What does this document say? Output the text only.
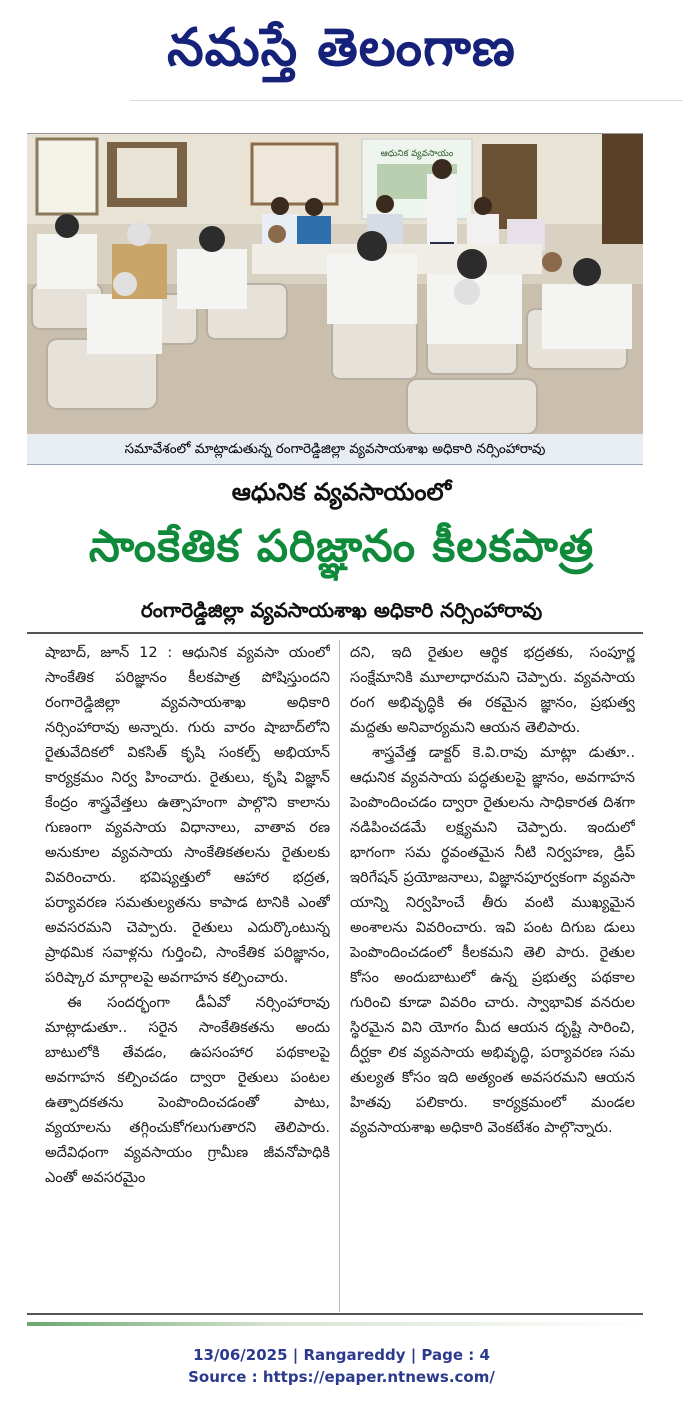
నమస్తే తెలంగాణ
ఆధునిక వ్యవసాయం
సమావేశంలో మాట్లాడుతున్న రంగారెడ్డిజిల్లా వ్యవసాయశాఖ అధికారి నర్సింహారావు
ఆధునిక వ్యవసాయంలో
సాంకేతిక పరిజ్ఞానం కీలకపాత్ర
రంగారెడ్డిజిల్లా వ్యవసాయశాఖ అధికారి నర్సింహారావు

షాబాద్, జూన్ 12 : ఆధునిక వ్యవసా యంలో సాంకేతిక పరిజ్ఞానం కీలకపాత్ర పోషిస్తుందని రంగారెడ్డిజిల్లా వ్యవసాయశాఖ అధికారి నర్సింహారావు అన్నారు. గురు వారం షాబాద్‌లోని రైతువేదికలో వికసిత్ కృషి సంకల్ప్ అభియాన్ కార్యక్రమం నిర్వ హించారు. రైతులు, కృషి విజ్ఞాన్ కేంద్రం శాస్త్రవేత్తలు ఉత్సాహంగా పాల్గొని కాలాను గుణంగా వ్యవసాయ విధానాలు, వాతావ రణ అనుకూల వ్యవసాయ సాంకేతికతలను రైతులకు వివరించారు. భవిష్యత్తులో ఆహార భద్రత, పర్యావరణ సమతుల్యతను కాపాడ టానికి ఎంతో అవసరమని చెప్పారు. రైతులు ఎదుర్కొంటున్న ప్రాథమిక సవాళ్లను గుర్తించి, సాంకేతిక పరిజ్ఞానం, పరిష్కార మార్గాలపై అవగాహన కల్పించారు.

ఈ సందర్భంగా డీఏవో నర్సింహారావు మాట్లాడుతూ.. సరైన సాంకేతికతను అందు బాటులోకి తేవడం, ఉపసంహార పథకాలపై అవగాహన కల్పించడం ద్వారా రైతులు పంటల ఉత్పాదకతను పెంపొందించడంతో పాటు, వ్యయాలను తగ్గించుకోగలుగుతారని తెలిపారు. అదేవిధంగా వ్యవసాయం గ్రామీణ జీవనోపాధికి ఎంతో అవసరమైం

దని, ఇది రైతుల ఆర్థిక భద్రతకు, సంపూర్ణ సంక్షేమానికి మూలాధారమని చెప్పారు. వ్యవసాయ రంగ అభివృద్ధికి ఈ రకమైన జ్ఞానం, ప్రభుత్వ మద్దతు అనివార్యమని ఆయన తెలిపారు.

శాస్త్రవేత్త డాక్టర్ కె.వి.రావు మాట్లా డుతూ.. ఆధునిక వ్యవసాయ పద్ధతులపై జ్ఞానం, అవగాహన పెంపొందించడం ద్వారా రైతులను సాధికారత దిశగా నడిపించడమే లక్ష్యమని చెప్పారు. ఇందులో భాగంగా సమ ర్థవంతమైన నీటి నిర్వహణ, డ్రిప్ ఇరిగేషన్ ప్రయోజనాలు, విజ్ఞానపూర్వకంగా వ్యవసా యాన్ని నిర్వహించే తీరు వంటి ముఖ్యమైన అంశాలను వివరించారు. ఇవి పంట దిగుబ డులు పెంపొందించడంలో కీలకమని తెలి పారు. రైతుల కోసం అందుబాటులో ఉన్న ప్రభుత్వ పథకాల గురించి కూడా వివరిం చారు. స్వాభావిక వనరుల స్థిరమైన విని యోగం మీద ఆయన దృష్టి సారించి, దీర్ఘకా లిక వ్యవసాయ అభివృద్ధి, పర్యావరణ సమ తుల్యత కోసం ఇది అత్యంత అవసరమని ఆయన హితవు పలికారు. కార్యక్రమంలో మండల వ్యవసాయశాఖ అధికారి వెంకటేశం పాల్గొన్నారు.

13/06/2025 | Rangareddy | Page : 4
Source : https://epaper.ntnews.com/
